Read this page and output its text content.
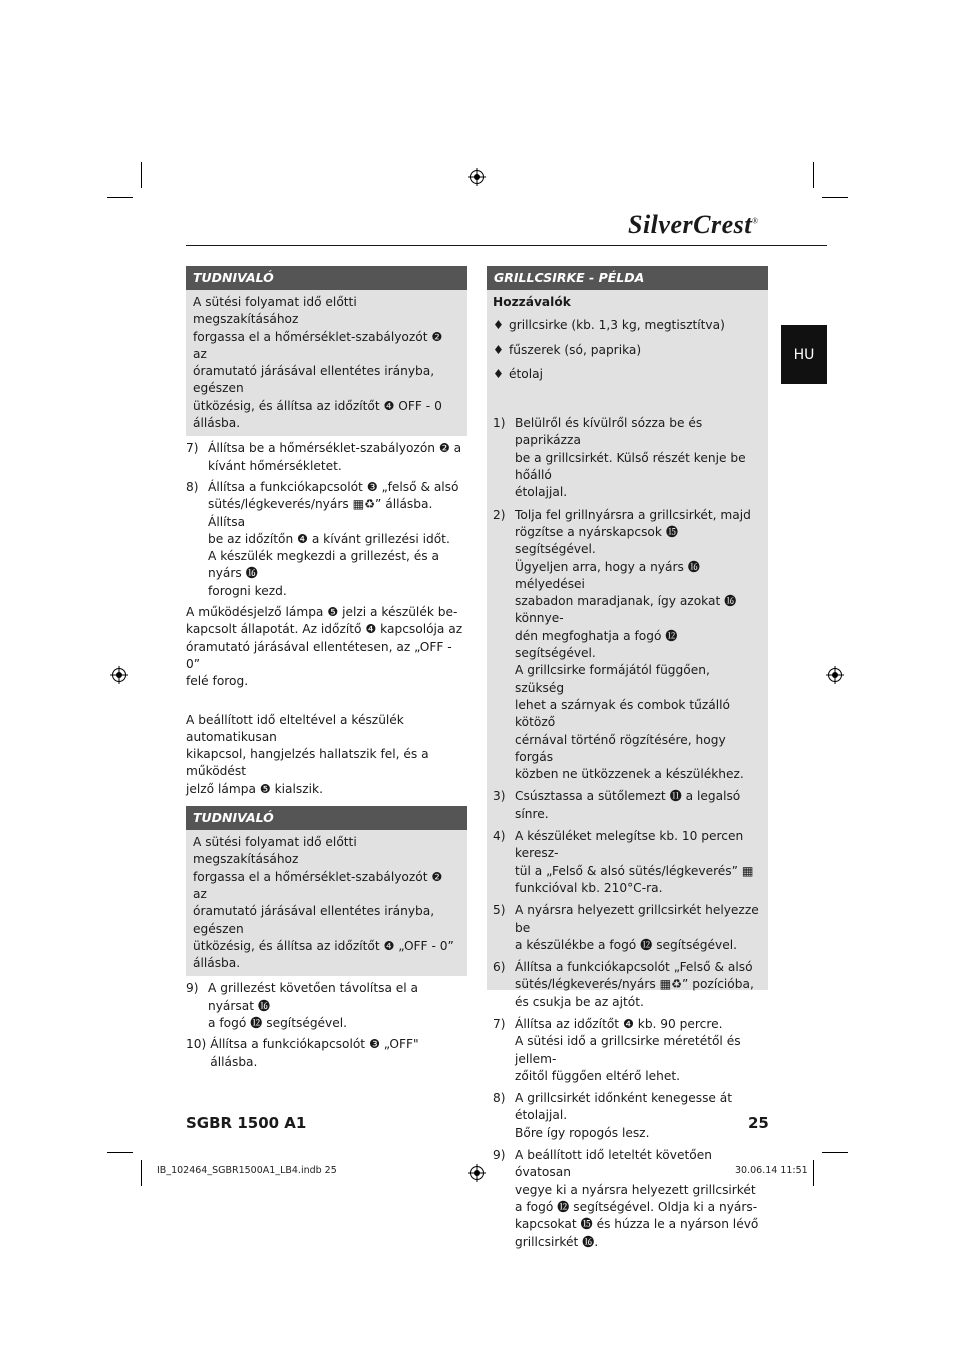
SilverCrest®
HU
TUDNIVALÓ
A sütési folyamat idő előtti megszakításához
forgassa el a hőmérséklet-szabályozót ❷ az
óramutató járásával ellentétes irányba, egészen
ütközésig, és állítsa az időzítőt ❹ OFF - 0
állásba.
7) Állítsa be a hőmérséklet-szabályozón ❷ a
kívánt hőmérsékletet.
8) Állítsa a funkciókapcsolót ❸ „felső & alsó
sütés/légkeverés/nyárs ▦♻” állásba. Állítsa
be az időzítőn ❹ a kívánt grillezési időt.
A készülék megkezdi a grillezést, és a nyárs ⓰
forogni kezd.
A működésjelző lámpa ❺ jelzi a készülék be-
kapcsolt állapotát. Az időzítő ❹ kapcsolója az
óramutató járásával ellentétesen, az „OFF - 0”
felé forog.
A beállított idő elteltével a készülék automatikusan
kikapcsol, hangjelzés hallatszik fel, és a működést
jelző lámpa ❺ kialszik.
TUDNIVALÓ
A sütési folyamat idő előtti megszakításához
forgassa el a hőmérséklet-szabályozót ❷ az
óramutató járásával ellentétes irányba, egészen
ütközésig, és állítsa az időzítőt ❹ „OFF - 0”
állásba.
9) A grillezést követően távolítsa el a nyársat ⓰
a fogó ⓬ segítségével.
10) Állítsa a funkciókapcsolót ❸ „OFF" állásba.
GRILLCSIRKE - PÉLDA
Hozzávalók
♦ grillcsirke (kb. 1,3 kg, megtisztítva)
♦ fűszerek (só, paprika)
♦ étolaj
1) Belülről és kívülről sózza be és paprikázza
be a grillcsirkét. Külső részét kenje be hőálló
étolajjal.
2) Tolja fel grillnyársra a grillcsirkét, majd
rögzítse a nyárskapcsok ⓯ segítségével.
Ügyeljen arra, hogy a nyárs ⓰ mélyedései
szabadon maradjanak, így azokat ⓰ könnye-
dén megfoghatja a fogó ⓬ segítségével.
A grillcsirke formájától függően, szükség
lehet a szárnyak és combok tűzálló kötöző
cérnával történő rögzítésére, hogy forgás
közben ne ütközzenek a készülékhez.
3) Csúsztassa a sütőlemezt ⓫ a legalsó sínre.
4) A készüléket melegítse kb. 10 percen keresz-
tül a „Felső & alsó sütés/légkeverés” ▦
funkcióval kb. 210°C-ra.
5) A nyársra helyezett grillcsirkét helyezze be
a készülékbe a fogó ⓬ segítségével.
6) Állítsa a funkciókapcsolót „Felső & alsó
sütés/légkeverés/nyárs ▦♻” pozícióba,
és csukja be az ajtót.
7) Állítsa az időzítőt ❹ kb. 90 percre.
A sütési idő a grillcsirke méretétől és jellem-
zőitől függően eltérő lehet.
8) A grillcsirkét időnként kenegesse át étolajjal.
Bőre így ropogós lesz.
9) A beállított idő leteltét követően óvatosan
vegye ki a nyársra helyezett grillcsirkét
a fogó ⓬ segítségével. Oldja ki a nyárs-
kapcsokat ⓯ és húzza le a nyárson lévő
grillcsirkét ⓰.
SGBR 1500 A1	25
IB_102464_SGBR1500A1_LB4.indb 25	30.06.14 11:51
